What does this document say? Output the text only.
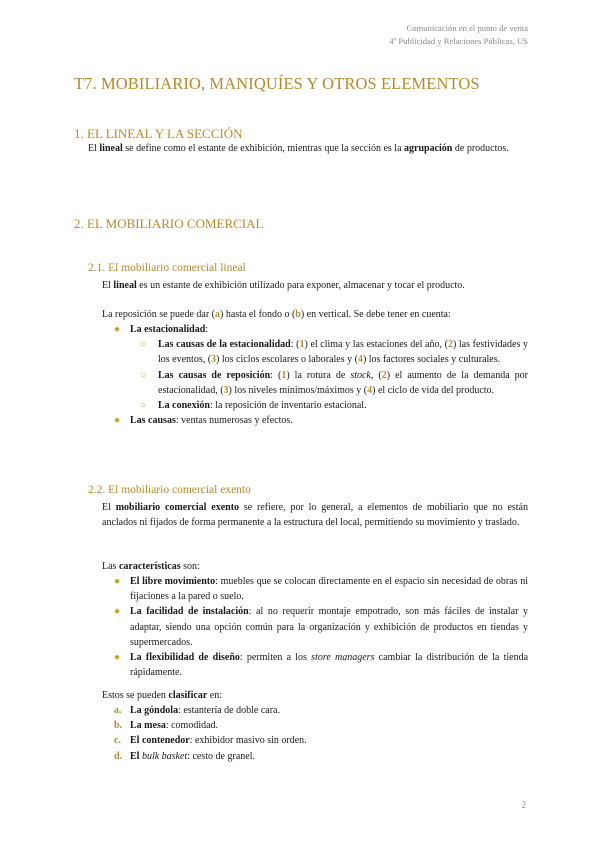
Comunicación en el punto de venta
4º Publicidad y Relaciones Públicas, US
T7. MOBILIARIO, MANIQUÍES Y OTROS ELEMENTOS
1. EL LINEAL Y LA SECCIÓN
El lineal se define como el estante de exhibición, mientras que la sección es la agrupación de productos.
2. EL MOBILIARIO COMERCIAL
2.1. El mobiliario comercial lineal
El lineal es un estante de exhibición utilizado para exponer, almacenar y tocar el producto.
La reposición se puede dar (a) hasta el fondo o (b) en vertical. Se debe tener en cuenta:
● La estacionalidad:
○ Las causas de la estacionalidad: (1) el clima y las estaciones del año, (2) las festividades y los eventos, (3) los ciclos escolares o laborales y (4) los factores sociales y culturales.
○ Las causas de reposición: (1) la rotura de stock, (2) el aumento de la demanda por estacionalidad, (3) los niveles mínimos/máximos y (4) el ciclo de vida del producto.
○ La conexión: la reposición de inventario estacional.
● Las causas: ventas numerosas y efectos.
2.2. El mobiliario comercial exento
El mobiliario comercial exento se refiere, por lo general, a elementos de mobiliario que no están anclados ni fijados de forma permanente a la estructura del local, permitiendo su movimiento y traslado.
Las características son:
● El libre movimiento: muebles que se colocan directamente en el espacio sin necesidad de obras ni fijaciones a la pared o suelo.
● La facilidad de instalación: al no requerir montaje empotrado, son más fáciles de instalar y adaptar, siendo una opción común para la organización y exhibición de productos en tiendas y supermercados.
● La flexibilidad de diseño: permiten a los store managers cambiar la distribución de la tienda rápidamente.
Estos se pueden clasificar en:
a. La góndola: estantería de doble cara.
b. La mesa: comodidad.
c. El contenedor: exhibidor masivo sin orden.
d. El bulk basket: cesto de granel.
2
